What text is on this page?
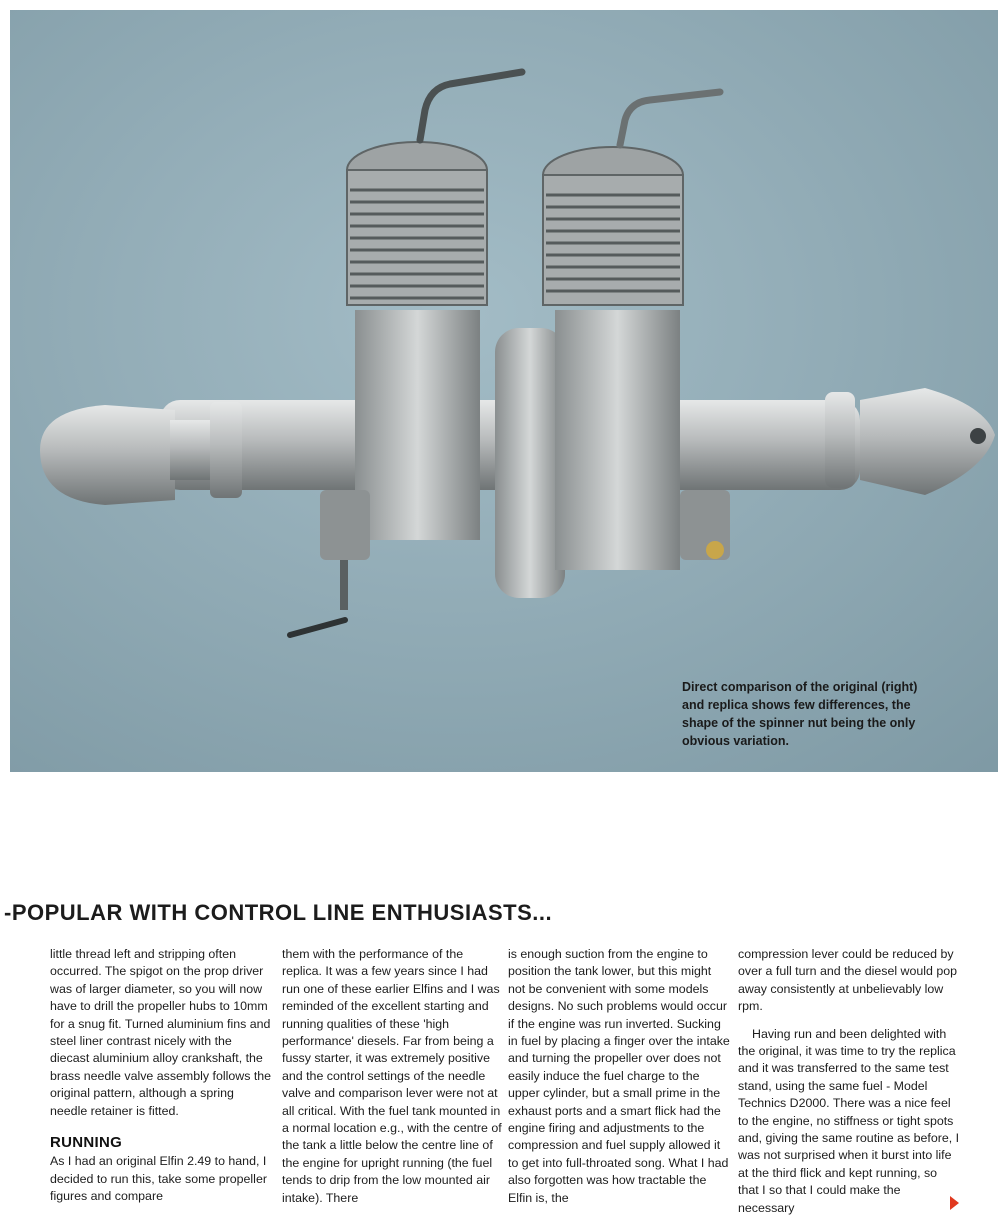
Direct comparison of the original (right) and replica shows few differences, the shape of the spinner nut being the only obvious variation.
-POPULAR WITH CONTROL LINE ENTHUSIASTS...

little thread left and stripping often occurred. The spigot on the prop driver was of larger diameter, so you will now have to drill the propeller hubs to 10mm for a snug fit. Turned aluminium fins and steel liner contrast nicely with the diecast aluminium alloy crankshaft, the brass needle valve assembly follows the original pattern, although a spring needle retainer is fitted.

RUNNING

As I had an original Elfin 2.49 to hand, I decided to run this, take some propeller figures and compare

them with the performance of the replica. It was a few years since I had run one of these earlier Elfins and I was reminded of the excellent starting and running qualities of these 'high performance' diesels. Far from being a fussy starter, it was extremely positive and the control settings of the needle valve and comparison lever were not at all critical. With the fuel tank mounted in a normal location e.g., with the centre of the tank a little below the centre line of the engine for upright running (the fuel tends to drip from the low mounted air intake). There

is enough suction from the engine to position the tank lower, but this might not be convenient with some models designs. No such problems would occur if the engine was run inverted. Sucking in fuel by placing a finger over the intake and turning the propeller over does not easily induce the fuel charge to the upper cylinder, but a small prime in the exhaust ports and a smart flick had the engine firing and adjustments to the compression and fuel supply allowed it to get into full-throated song. What I had also forgotten was how tractable the Elfin is, the

compression lever could be reduced by over a full turn and the diesel would pop away consistently at unbelievably low rpm.

Having run and been delighted with the original, it was time to try the replica and it was transferred to the same test stand, using the same fuel - Model Technics D2000. There was a nice feel to the engine, no stiffness or tight spots and, giving the same routine as before, I was not surprised when it burst into life at the third flick and kept running, so that I so that I could make the necessary
